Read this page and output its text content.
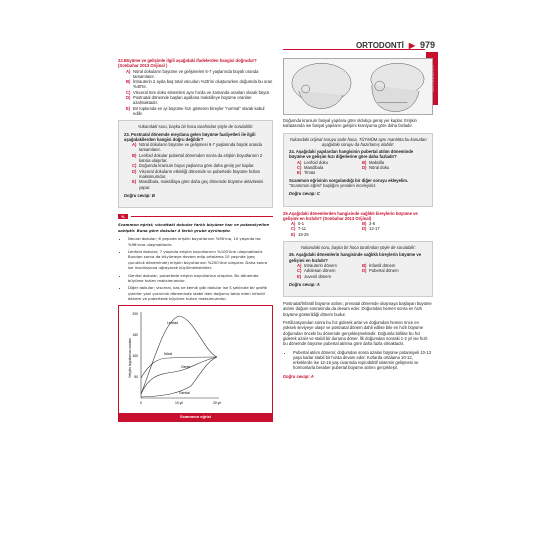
ORTODONTİ ▶ 979
22.Büyüme ve gelişimle ilgili aşağıdaki ifadelerden hangisi doğrudur? (Sonbahar 2013 Orijinal )
A) Nöral dokuların büyüme ve gelişmeleri 6-7 yaşlarında büyük oranda tamamlanır.
B) İntrauterin 2 ayda baş total vücudun %25'ini oluştururken doğumda bu oran %40'tır.
C) Visceral tüm doku sistemleri aynı hızda ve zamanda oranları olarak büyür.
D) Postnatal dönemde başlan ayallana maksilleye büyüme oranları azalmaktadır.
E) Bir toplumda en iyi büyüme hızı gösteren bireyler "normal" olarak kabul edilir.
Yukarıdaki soru, başka bir hoca tarafından şöyle de sorulabilir:
23. Postnatal dönemde meydana gelen büyüme faaliyetleri ile ilgili aşağıdakilerden hangisi doğru değildir?
A) Nöral dokuların büyüme ve gelişmesi 6-7 yaşlarında büyük oranda tamamlanır.
B) Lenfoid dokular pubertal dönemden sonra da erişkin boyutlarının 2 katına ulaşırlar.
C) Doğumda kranium boyut yaşlarına göre daha geniş yer kaplar.
D) Visceral dokuların etkinliği dönemde ve pubertede büyüme hızları maksimumdur.
E) Mandibula, maksillaya göre daha geç dönemde büyüme aktivitesini yapar.
Doğru cevap: B
%

Scammon eğrisi; vücuttaki dokular farklı büyüme hızı ve potansiyeline sahiptir. Buna göre dokular 4 farklı grube ayrılmıştır.

• Neural dokular; 6 yaşında erişkin boyutlarının %90'ına, 10 yaşında ise %96'sına ulaşmaktadır.
• Lenfoid dokular; 7 yaşında erişkin boyutlarının %100'üne ulaşmaktadır. Bundan sonra da büyümeye devam edip ortalama 10 yaşında (geç çocukluk döneminde) erişkin boyutlarının %200'üne ulaşırlar. Daha sonra ise involüsyona uğrayarak küçülmektedirler.
• Genital dokular; pubertede erişkin boyutlarına ulaşırlar. Bu dönemde büyüme hızları maksimumdur.
• Diğer dokular; visceral, kas ve kemik gibi dokular ise S şeklinde bir grafik çizerler yani çocukluk döneminde stabil iken doğumu takip eden infantil dönem ve pubertede büyüme hızları maksimumdur.
Yetişkin boyutlarının oranları
200
150
100
50
0	10 yıl	20 yıl
Lenfoid
Nöral
Genel
Genital
Scammon eğrisi

Doğumda kranium fasiyal yapılara göre oldukça geniş yer kaplar. Erişkin kafatasında ise fasiyal yapıların gelişimi kraniyuma göre daha fazladır.

Yukarıdaki orijinal soruyu sade hoca, TÜYMÜM aynı mantıkta bu konudan aşağıdaki soruyu da hazırlamış olabilir:
24. Aşağıdaki yapılardan hangisinin pubertal atılım döneminde büyüme ve gelişim hızı diğerlerine göre daha fazladır?
A) Lenfoid doku	B) Maksilla
C) Mandibula	D) Nöral doku
E) Timüs
Scammon eğrisinin sorgulandığı bir diğer soruyu ekleyelim.
"Scammon eğrisi" başlığını yeniden inceleyiniz.
Doğru cevap: C
25.Aşağıdaki dönemlerden hangisinde sağlıklı bireylerin büyüme ve gelişimi en hızlıdır? (Sonbahar 2013 Orijinal)
A) 0-1	B) 3-6
C) 7-11	D) 12-17
E) 18-25
Yukarıdaki soru, başka bir hoca tarafından şöyle de sorulabilir:
26. Aşağıdaki dönemlerin hangisinde sağlıklı bireylerin büyüme ve gelişimi en hızlıdır?
A) Intrauterin dönem	B) İnfantil dönem
C) Adolesan dönem	D) Pubertal dönem
E) Juvenil dönem
Doğru cevap: A

Postnatal/İnfantil büyüme atılımı; prenatal dönemde oluşmaya başlayan büyüme atılımı doğum sonrasında da devam eder. Doğumdan hemen sonra en hızlı büyüme gösterildiği dönem budur.

Fertilizasyondan sonra bu hız giderek artar ve doğumdan hemen önce en yüksek seviyeye ulaşır ve postnatal dönem dahil edilse bile en hızlı büyüme doğumdan önceki bu dönemde gerçekleşmektedir. Doğumla birlikte bu hız giderek azalır ve stabil bir duruma döner. İlk doğumdan sonraki 1-2 yıl ise hızlı bu dönemde büyüme pubertal atılıma göre daha fazla olmaktadır.

• Pubertal atılım dönemi; doğumdan sonra azalan büyüme potansiyeli 10-13 yaşa kadar stabil bir hızda devam eder. Kızlarda ortalama 10-12, erkeklerde ise 12-15 yaş civarında reprodüktif sistemin gelişmesi ve hormonlarla beraber pubertal büyüme atılımı gerçekleşir.
Doğru cevap: A
